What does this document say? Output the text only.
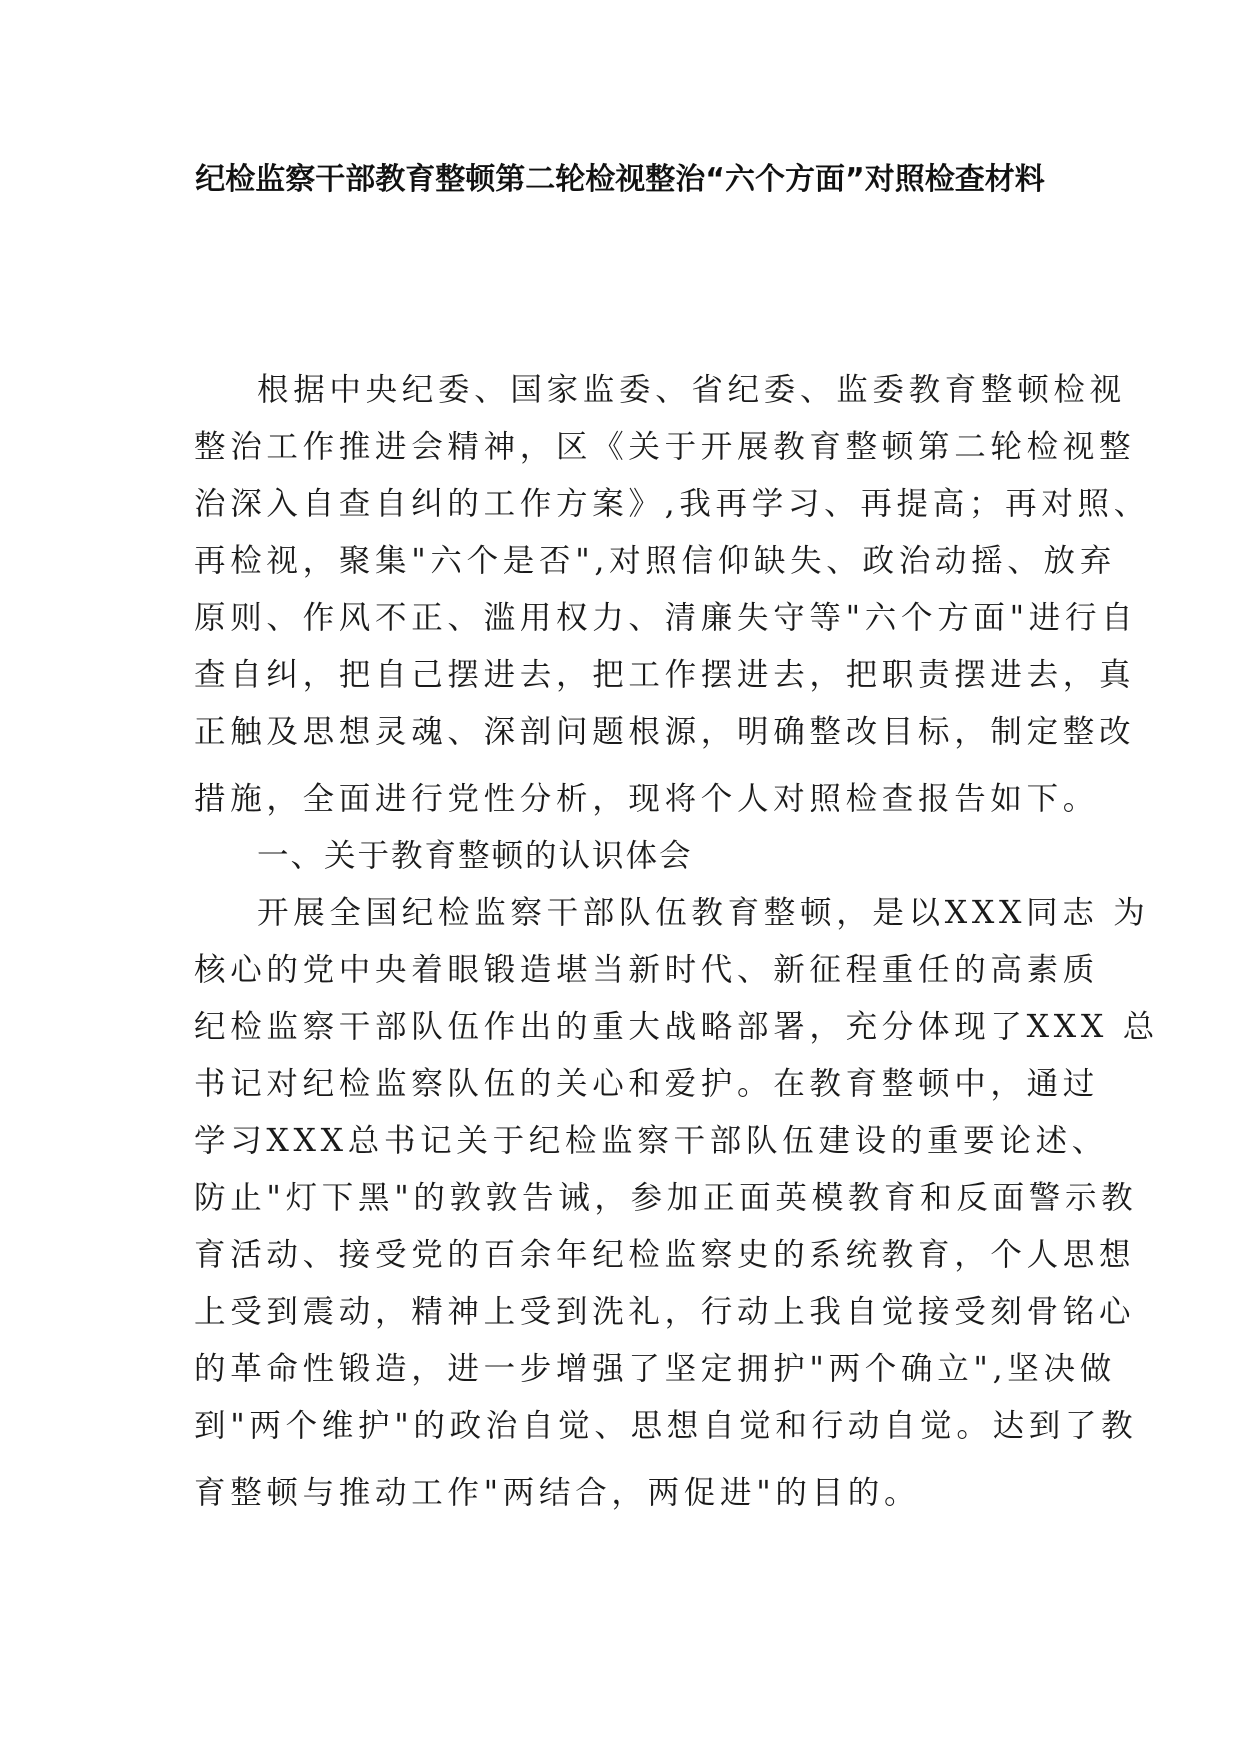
纪检监察干部教育整顿第二轮检视整治“六个方面”对照检查材料
根据中央纪委、国家监委、省纪委、监委教育整顿检视
整治工作推进会精神，区《关于开展教育整顿第二轮检视整
治深入自查自纠的工作方案》,我再学习、再提高；再对照、
再检视，聚集"六个是否",对照信仰缺失、政治动摇、放弃
原则、作风不正、滥用权力、清廉失守等"六个方面"进行自
查自纠，把自己摆进去，把工作摆进去，把职责摆进去，真
正触及思想灵魂、深剖问题根源，明确整改目标，制定整改
措施，全面进行党性分析，现将个人对照检查报告如下。
一、关于教育整顿的认识体会
开展全国纪检监察干部队伍教育整顿，是以XXX同志 为
核心的党中央着眼锻造堪当新时代、新征程重任的高素质
纪检监察干部队伍作出的重大战略部署，充分体现了XXX 总
书记对纪检监察队伍的关心和爱护。在教育整顿中，通过
学习XXX总书记关于纪检监察干部队伍建设的重要论述、
防止"灯下黑"的敦敦告诫，参加正面英模教育和反面警示教
育活动、接受党的百余年纪检监察史的系统教育，个人思想
上受到震动，精神上受到洗礼，行动上我自觉接受刻骨铭心
的革命性锻造，进一步增强了坚定拥护"两个确立",坚决做
到"两个维护"的政治自觉、思想自觉和行动自觉。达到了教
育整顿与推动工作"两结合，两促进"的目的。
